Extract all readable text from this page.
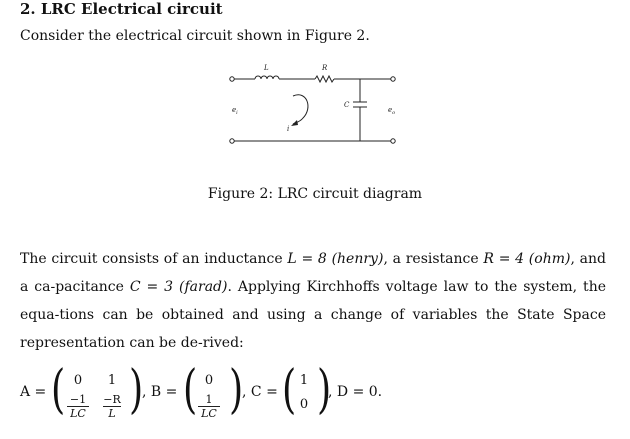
2. LRC Electrical circuit
Consider the electrical circuit shown in Figure 2.
L	R
C
i
$e_i$	$e_o$
Figure 2: LRC circuit diagram
The circuit consists of an inductance L = 8 (henry), a resistance R = 4 (ohm), and a ca-pacitance C = 3 (farad). Applying Kirchhoffs voltage law to the system, the equa-tions can be obtained and using a change of variables the State Space representation can be de-rived:
A = ( 0 1
−1
LC
−R
L )
, B = ( 0
1
LC )
, C = ( 1
0 )
, D = 0.
